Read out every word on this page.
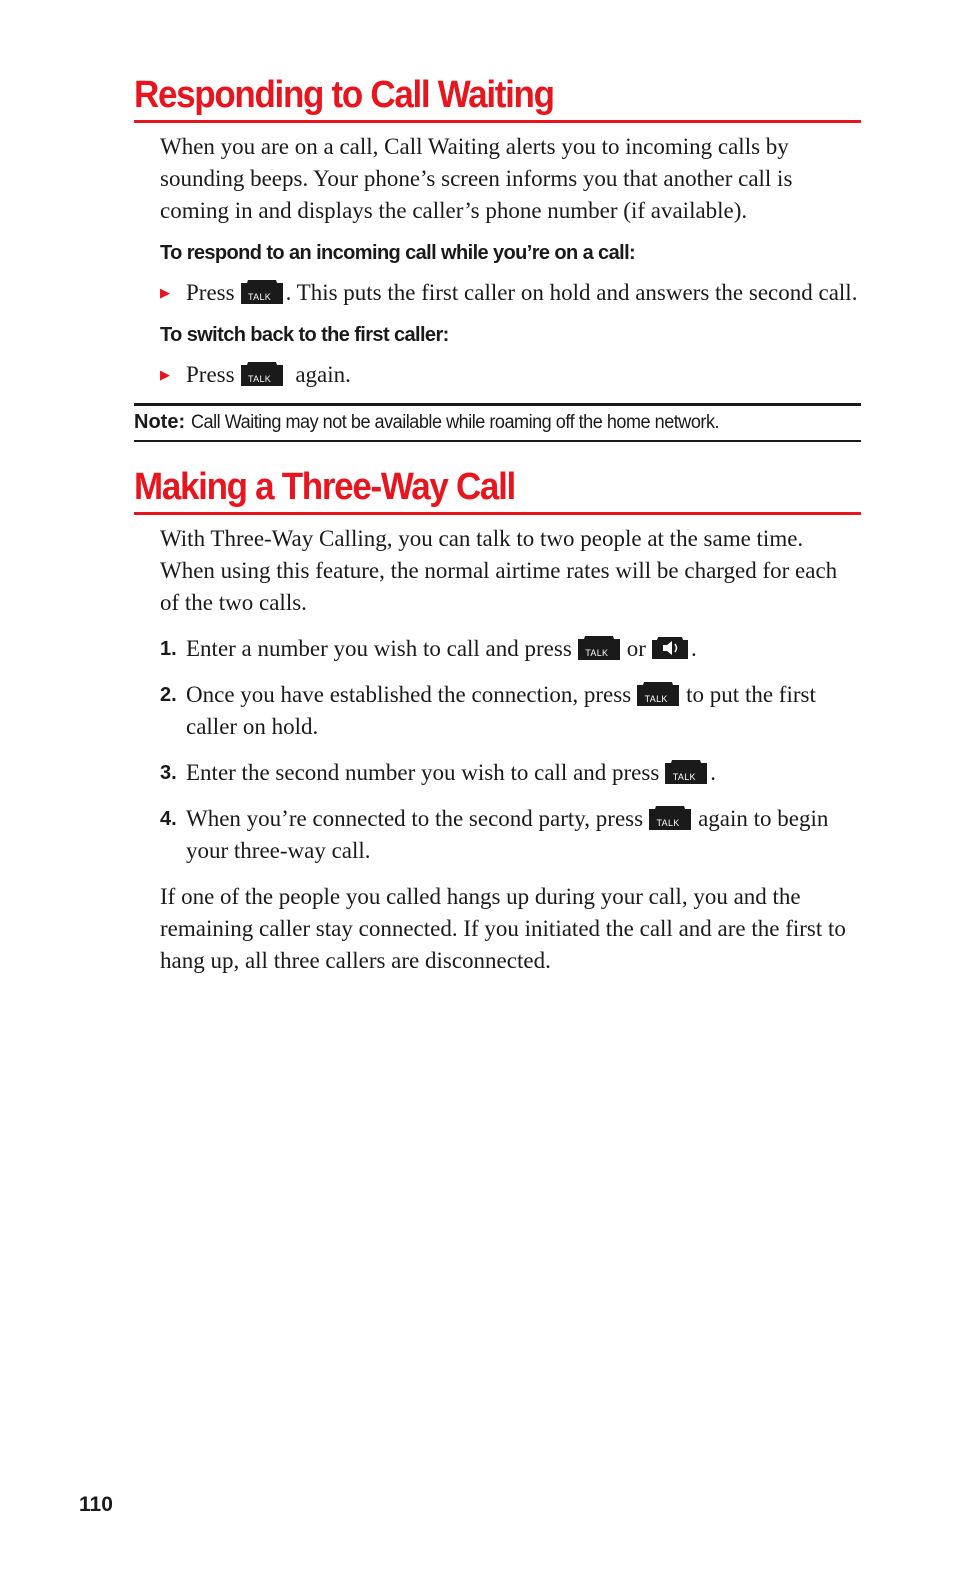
Responding to Call Waiting

When you are on a call, Call Waiting alerts you to incoming calls by sounding beeps. Your phone’s screen informs you that another call is coming in and displays the caller’s phone number (if available).

To respond to an incoming call while you’re on a call:

▶ Press	TALK . This puts the first caller on hold and answers the second call.

To switch back to the first caller:

▶ Press	TALK	again.
Note: Call Waiting may not be available while roaming off the home network.
Making a Three-Way Call

With Three-Way Calling, you can talk to two people at the same time. When using this feature, the normal airtime rates will be charged for each of the two calls.

1. Enter a number you wish to call and press	TALK or .
2. Once you have established the connection, press	TALK to put the first caller on hold.
3. Enter the second number you wish to call and press	TALK .
4. When you’re connected to the second party, press	TALK again to begin your three-way call.

If one of the people you called hangs up during your call, you and the remaining caller stay connected. If you initiated the call and are the first to hang up, all three callers are disconnected.

110
